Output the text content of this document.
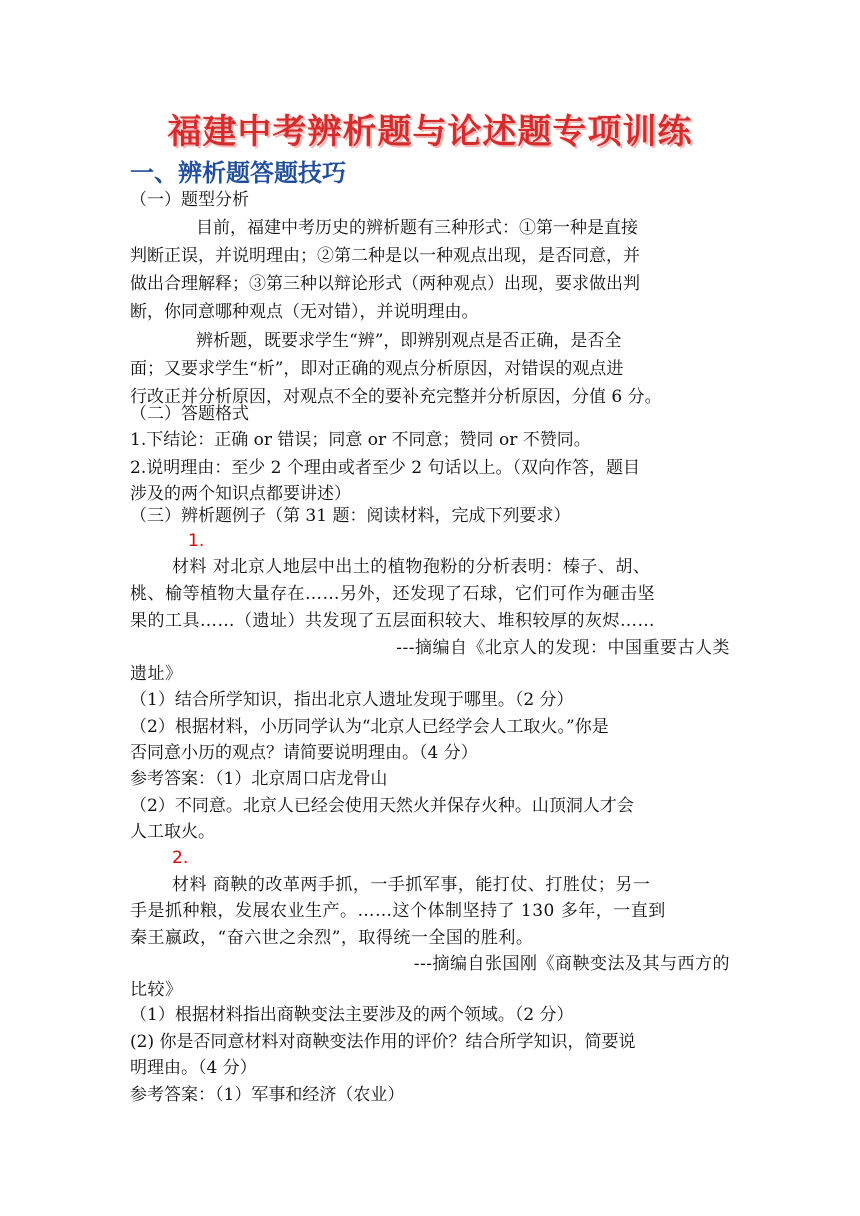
福建中考辨析题与论述题专项训练
一、辨析题答题技巧
（一）题型分析
目前，福建中考历史的辨析题有三种形式：①第一种是直接
判断正误，并说明理由；②第二种是以一种观点出现，是否同意，并
做出合理解释；③第三种以辩论形式（两种观点）出现，要求做出判
断，你同意哪种观点（无对错），并说明理由。
辨析题，既要求学生“辨”，即辨别观点是否正确，是否全
面；又要求学生“析”，即对正确的观点分析原因，对错误的观点进
行改正并分析原因，对观点不全的要补充完整并分析原因，分值 6 分。
（二）答题格式
1.下结论：正确 or 错误；同意 or 不同意；赞同 or 不赞同。
2.说明理由：至少 2 个理由或者至少 2 句话以上。（双向作答，题目
涉及的两个知识点都要讲述）
（三）辨析题例子（第 31 题：阅读材料，完成下列要求）
1.
材料 对北京人地层中出土的植物孢粉的分析表明：榛子、胡、
桃、榆等植物大量存在……另外，还发现了石球，它们可作为砸击坚
果的工具……（遗址）共发现了五层面积较大、堆积较厚的灰烬……
---摘编自《北京人的发现：中国重要古人类
遗址》
（1）结合所学知识，指出北京人遗址发现于哪里。（2 分）
（2）根据材料，小历同学认为“北京人已经学会人工取火。”你是
否同意小历的观点？请简要说明理由。（4 分）
参考答案：（1）北京周口店龙骨山
（2）不同意。北京人已经会使用天然火并保存火种。山顶洞人才会
人工取火。
2.
材料 商鞅的改革两手抓，一手抓军事，能打仗、打胜仗；另一
手是抓种粮，发展农业生产。……这个体制坚持了 130 多年，一直到
秦王嬴政，“奋六世之余烈”，取得统一全国的胜利。
---摘编自张国刚《商鞅变法及其与西方的
比较》
（1）根据材料指出商鞅变法主要涉及的两个领域。（2 分）
(2) 你是否同意材料对商鞅变法作用的评价？结合所学知识，简要说
明理由。（4 分）
参考答案：（1）军事和经济（农业）
